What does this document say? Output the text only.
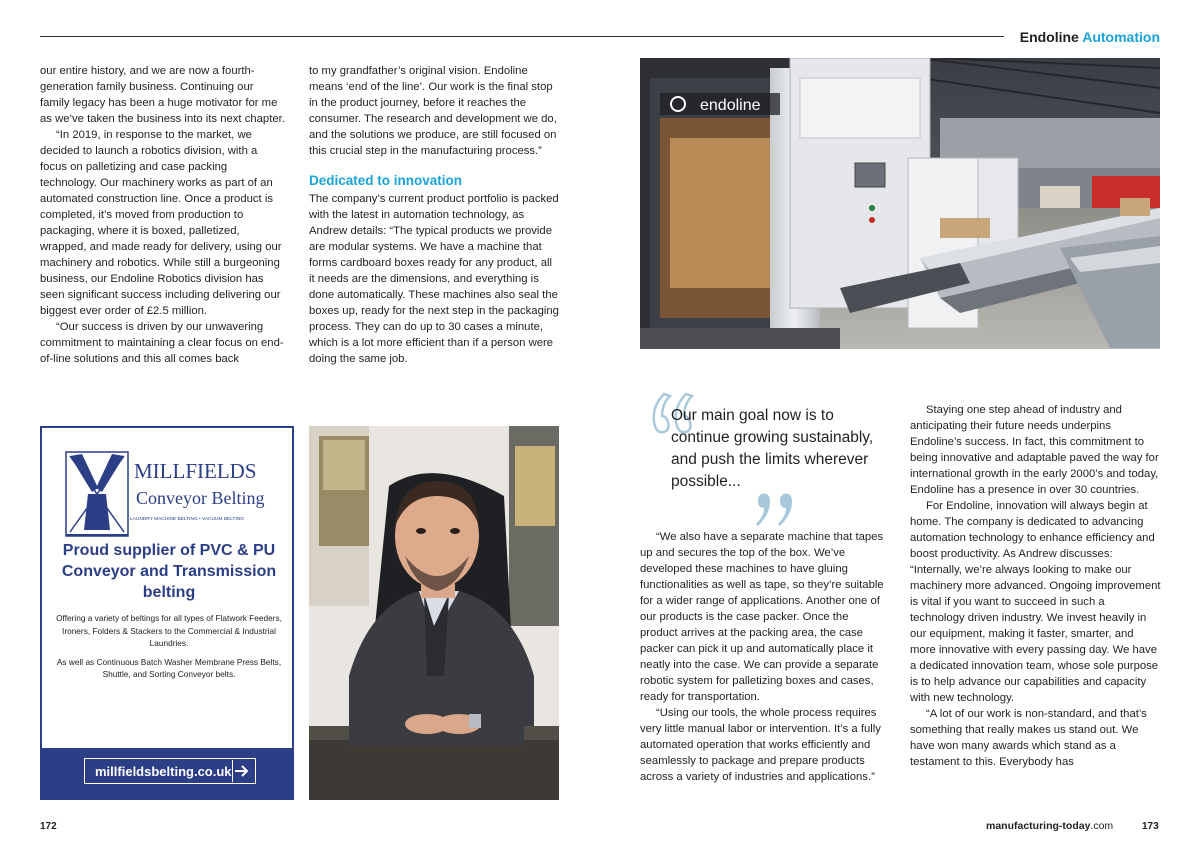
Endoline Automation

our entire history, and we are now a fourth-generation family business. Continuing our family legacy has been a huge motivator for me as we’ve taken the business into its next chapter.

“In 2019, in response to the market, we decided to launch a robotics division, with a focus on palletizing and case packing technology. Our machinery works as part of an automated construction line. Once a product is completed, it’s moved from production to packaging, where it is boxed, palletized, wrapped, and made ready for delivery, using our machinery and robotics. While still a burgeoning business, our Endoline Robotics division has seen significant success including delivering our biggest ever order of £2.5 million.

“Our success is driven by our unwavering commitment to maintaining a clear focus on end-of-line solutions and this all comes back

to my grandfather’s original vision. Endoline means ‘end of the line’. Our work is the final stop in the product journey, before it reaches the consumer. The research and development we do, and the solutions we produce, are still focused on this crucial step in the manufacturing process.”

Dedicated to innovation

The company’s current product portfolio is packed with the latest in automation technology, as Andrew details: “The typical products we provide are modular systems. We have a machine that forms cardboard boxes ready for any product, all it needs are the dimensions, and everything is done automatically. These machines also seal the boxes up, ready for the next step in the packaging process. They can do up to 30 cases a minute, which is a lot more efficient than if a person were doing the same job.

endoline
MILLFIELDS
Conveyor Belting
LAUNDRY MACHINE BELTING • VACUUM BELTING
Proud supplier of PVC & PU Conveyor and Transmission belting

Offering a variety of beltings for all types of Flatwork Feeders, Ironers, Folders & Stackers to the Commercial & Industrial Laundries.

As well as Continuous Batch Washer Membrane Press Belts, Shuttle, and Sorting Conveyor belts.

millfieldsbelting.co.uk
Our main goal now is to continue growing sustainably, and push the limits wherever possible...

“We also have a separate machine that tapes up and secures the top of the box. We’ve developed these machines to have gluing functionalities as well as tape, so they’re suitable for a wider range of applications. Another one of our products is the case packer. Once the product arrives at the packing area, the case packer can pick it up and automatically place it neatly into the case. We can provide a separate robotic system for palletizing boxes and cases, ready for transportation.

“Using our tools, the whole process requires very little manual labor or intervention. It’s a fully automated operation that works efficiently and seamlessly to package and prepare products across a variety of industries and applications.”

Staying one step ahead of industry and anticipating their future needs underpins Endoline’s success. In fact, this commitment to being innovative and adaptable paved the way for international growth in the early 2000’s and today, Endoline has a presence in over 30 countries.

For Endoline, innovation will always begin at home. The company is dedicated to advancing automation technology to enhance efficiency and boost productivity. As Andrew discusses: “Internally, we’re always looking to make our machinery more advanced. Ongoing improvement is vital if you want to succeed in such a technology driven industry. We invest heavily in our equipment, making it faster, smarter, and more innovative with every passing day. We have a dedicated innovation team, whose sole purpose is to help advance our capabilities and capacity with new technology.

“A lot of our work is non-standard, and that’s something that really makes us stand out. We have won many awards which stand as a testament to this. Everybody has

172	manufacturing-today.com	173
